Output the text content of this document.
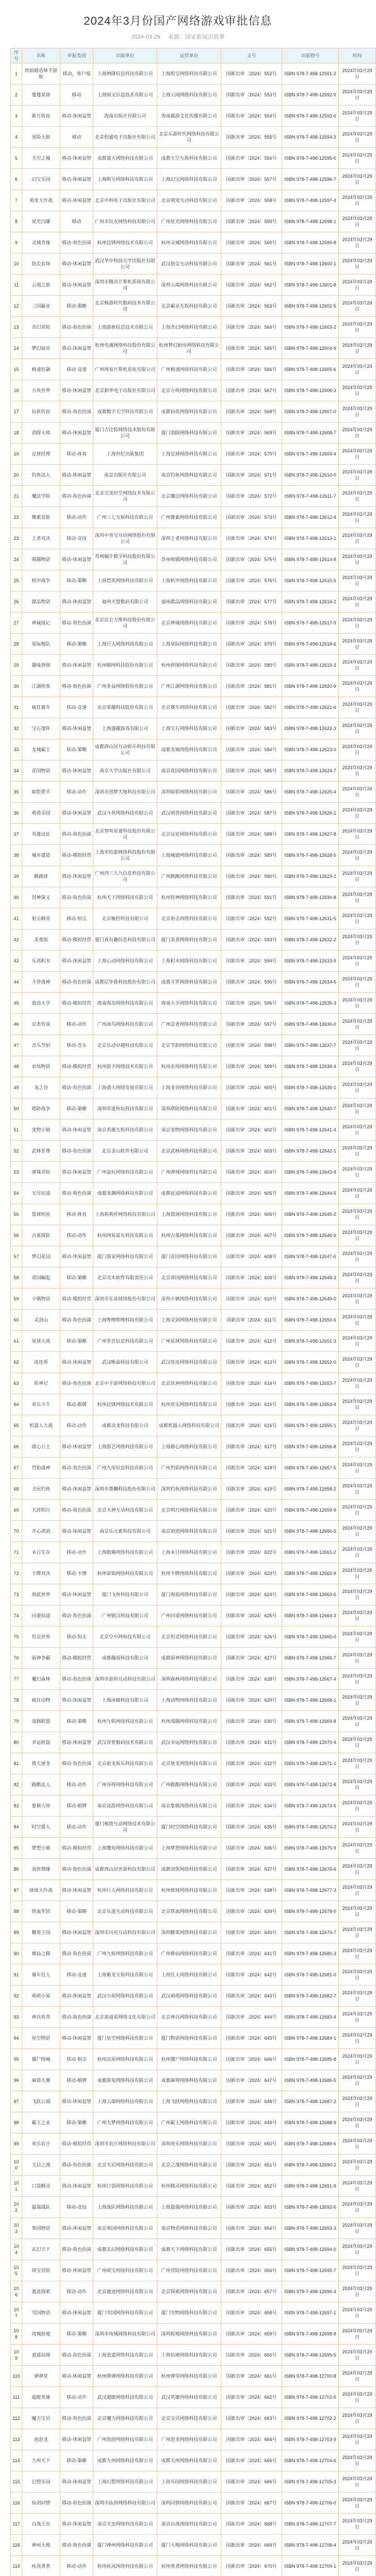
2024年3月份国产网络游戏审批信息
2024-03-29 来源：国家新闻出版署
序号	名称	申报类别	出版单位	运营单位	文号	出版物号	时间
1	炽焰锻造师手游版	移动，客户端	上海纳隆信息科技有限公司	上海熙呈网络科技有限公司	国新出审〔2024〕552号	ISBN 978-7-498-12591-2	2024年03月29日
2	蔓蔓星球	移动	上海阅文信息技术有限公司	上海云阅网络科技有限公司	国新出审〔2024〕553号	ISBN 978-7-498-12592-9	2024年03月29日
3	新月传说	移动-休闲益智	海南出版社有限公司	海南翼游文化传媒有限公司	国新出审〔2024〕554号	ISBN 978-7-498-12593-6	2024年03月29日
4	冒险大航	移动	北京伯通电子出版社有限公司	北京乐游时代网络科技有限公司	国新出审〔2024〕555号	ISBN 978-7-498-12594-3	2024年03月29日
5	天空之城	移动-休闲益智	成都盛大网络科技有限公司	成都天空互娱科技有限公司	国新出审〔2024〕556号	ISBN 978-7-498-12595-0	2024年03月29日
6	幻宝乐园	移动-休闲益智	上海熙呈网络科技有限公司	上海幻宝网络科技有限公司	国新出审〔2024〕557号	ISBN 978-7-498-12596-7	2024年03月29日
7	萌宠大作战	移动-休闲益智	北京中科电子出版社有限公司	北京萌宠互动科技有限公司	国新出审〔2024〕558号	ISBN 978-7-498-12597-4	2024年03月29日
8	星光闪耀	移动	广州市玩友网络科技有限公司	广州星光网络科技有限公司	国新出审〔2024〕559号	ISBN 978-7-498-12598-1	2024年03月29日
9	灵域奇缘	移动-角色扮演	杭州边锋网络技术有限公司	杭州灵域网络科技有限公司	国新出审〔2024〕560号	ISBN 978-7-498-12599-8	2024年03月29日
10	指尖农场	移动-休闲益智	武汉华中科技大学出版社有限公司	武汉指尖互动科技有限公司	国新出审〔2024〕561号	ISBN 978-7-498-12600-1	2024年03月29日
11	云端之旅	移动-休闲益智	深圳市腾讯计算机系统有限公司	深圳云端网络科技有限公司	国新出审〔2024〕562号	ISBN 978-7-498-12601-8	2024年03月29日
12	三国霸业	移动-策略	北京畅游时代数码技术有限公司	北京霸业互娱科技有限公司	国新出审〔2024〕563号	ISBN 978-7-498-12602-5	2024年03月29日
13	奇幻冒险	移动-角色扮演	上海游族信息技术有限公司	上海奇幻网络科技有限公司	国新出审〔2024〕564号	ISBN 978-7-498-12603-2	2024年03月29日
14	梦幻厨房	移动-休闲益智	杭州电魂网络科技股份有限公司	杭州梦幻厨房网络科技有限公司	国新出审〔2024〕565号	ISBN 978-7-498-12604-9	2024年03月29日
15	极速狂飙	移动-竞速	广州网易计算机系统有限公司	广州极速网络科技有限公司	国新出审〔2024〕566号	ISBN 978-7-498-12605-6	2024年03月29日
16	方块世界	移动-休闲益智	北京新华电子出版社有限公司	北京方块网络科技有限公司	国新出审〔2024〕567号	ISBN 978-7-498-12606-3	2024年03月29日
17	仙侠传说	移动-角色扮演	成都数字天空科技有限公司	成都仙侠网络科技有限公司	国新出审〔2024〕568号	ISBN 978-7-498-12607-0	2024年03月29日
18	消除大师	移动-休闲益智	厦门吉比特网络技术股份有限公司	厦门消除网络科技有限公司	国新出审〔2024〕569号	ISBN 978-7-498-12608-7	2024年03月29日
19	足球经理	移动-体育	上海世纪出版集团	上海足球网络科技有限公司	国新出审〔2024〕570号	ISBN 978-7-498-12609-4	2024年03月29日
20	钓鱼达人	移动-休闲益智	南京出版社有限公司	南京钓鱼网络科技有限公司	国新出审〔2024〕571号	ISBN 978-7-498-12610-0	2024年03月29日
21	魔法学院	移动-角色扮演	北京完美时空网络技术有限公司	北京魔法网络科技有限公司	国新出审〔2024〕572号	ISBN 978-7-498-12611-7	2024年03月29日
22	像素冒险	移动-动作	广州三七互娱科技有限公司	广州像素网络科技有限公司	国新出审〔2024〕573号	ISBN 978-7-498-12612-4	2024年03月29日
23	王者对决	移动-竞技	深圳中青宝互动网络股份有限公司	深圳王者网络科技有限公司	国新出审〔2024〕574号	ISBN 978-7-498-12613-1	2024年03月29日
24	萌猫物语	移动-休闲益智	苏州蜗牛数字科技股份有限公司	苏州萌猫网络科技有限公司	国新出审〔2024〕575号	ISBN 978-7-498-12614-8	2024年03月29日
25	机甲战争	移动-策略	上海恺英网络科技有限公司	上海机甲网络科技有限公司	国新出审〔2024〕576号	ISBN 978-7-498-12615-5	2024年03月29日
26	甜品物语	移动-休闲益智	福州天盟数码有限公司	福州甜品网络科技有限公司	国新出审〔2024〕577号	ISBN 978-7-498-12616-2	2024年03月29日
27	神域战记	移动-角色扮演	北京昆仑万维科技股份有限公司	北京神域网络科技有限公司	国新出审〔2024〕578号	ISBN 978-7-498-12617-9	2024年03月29日
28	星际舰队	移动-策略	上海巨人网络科技有限公司	上海星际网络科技有限公司	国新出审〔2024〕579号	ISBN 978-7-498-12618-6	2024年03月29日
29	趣味拼图	移动-休闲益智	杭州顺网科技股份有限公司	杭州拼图网络科技有限公司	国新出审〔2024〕580号	ISBN 978-7-498-12619-3	2024年03月29日
30	江湖侠客	移动-角色扮演	广州多益网络股份有限公司	广州江湖网络科技有限公司	国新出审〔2024〕581号	ISBN 978-7-498-12620-9	2024年03月29日
31	疯狂赛车	移动-竞速	北京掌趣科技股份有限公司	北京赛车网络科技有限公司	国新出审〔2024〕582号	ISBN 978-7-498-12621-6	2024年03月29日
32	宝石迷阵	移动-休闲益智	上海盛趣游戏有限公司	上海宝石网络科技有限公司	国新出审〔2024〕583号	ISBN 978-7-498-12622-3	2024年03月29日
33	龙城霸主	移动-策略	成都西山居互动娱乐科技有限公司	成都龙城网络科技有限公司	国新出审〔2024〕584号	ISBN 978-7-498-12623-0	2024年03月29日
34	花园物语	移动-休闲益智	南京大学出版社有限公司	南京花园网络科技有限公司	国新出审〔2024〕585号	ISBN 978-7-498-12624-7	2024年03月29日
35	暗影猎手	移动-动作	深圳市创梦天地科技有限公司	深圳暗影网络科技有限公司	国新出审〔2024〕586号	ISBN 978-7-498-12625-4	2024年03月29日
36	萌兽乐园	移动-休闲益智	武汉斗鱼网络科技有限公司	武汉萌兽网络科技有限公司	国新出审〔2024〕587号	ISBN 978-7-498-12626-1	2024年03月29日
37	英雄远征	移动-角色扮演	北京智明星通科技股份有限公司	北京远征网络科技有限公司	国新出审〔2024〕588号	ISBN 978-7-498-12627-8	2024年03月29日
38	城市建造	移动-模拟经营	上海米哈游网络科技股份有限公司	上海城建网络科技有限公司	国新出审〔2024〕589号	ISBN 978-7-498-12628-5	2024年03月29日
39	跳跳球	移动-休闲益智	广州四三九九信息科技有限公司	广州跳跳网络科技有限公司	国新出审〔2024〕590号	ISBN 978-7-498-12629-2	2024年03月29日
40	封神演义	移动-角色扮演	杭州天下网络科技有限公司	杭州封神网络科技有限公司	国新出审〔2024〕591号	ISBN 978-7-498-12630-8	2024年03月29日
41	射击精英	移动-射击	北京触控科技有限公司	北京射击网络科技有限公司	国新出审〔2024〕592号	ISBN 978-7-498-12631-5	2024年03月29日
42	美食街	移动-模拟经营	厦门真有趣信息科技有限公司	厦门美食网络科技有限公司	国新出审〔2024〕593号	ISBN 978-7-498-12632-2	2024年03月29日
43	乐高积木	移动-休闲益智	上海心动网络科技有限公司	上海积木网络科技有限公司	国新出审〔2024〕594号	ISBN 978-7-498-12633-9	2024年03月29日
44	斗罗战神	移动-角色扮演	成都尼毕鲁科技股份有限公司	成都斗罗网络科技有限公司	国新出审〔2024〕595号	ISBN 978-7-498-12634-6	2024年03月29日
45	海岛大亨	移动-模拟经营	海南海岛网络科技有限公司	海南大亨网络科技有限公司	国新出审〔2024〕596号	ISBN 978-7-498-12635-3	2024年03月29日
46	忍者传说	移动-动作	广州冰鸟网络科技有限公司	广州忍者网络科技有限公司	国新出审〔2024〕597号	ISBN 978-7-498-12636-0	2024年03月29日
47	音乐节拍	移动-音乐	北京乐动卓越科技有限公司	北京节拍网络科技有限公司	国新出审〔2024〕598号	ISBN 978-7-498-12637-7	2024年03月29日
48	农场物语	移动-模拟经营	杭州游卡网络技术有限公司	杭州农场网络科技有限公司	国新出审〔2024〕599号	ISBN 978-7-498-12638-4	2024年03月29日
49	龙之谷	移动-角色扮演	上海盛大网络发展有限公司	上海龙谷网络科技有限公司	国新出审〔2024〕600号	ISBN 978-7-498-12639-1	2024年03月29日
50	塔防战争	移动-策略	深圳市迷你玩科技有限公司	深圳塔防网络科技有限公司	国新出审〔2024〕601号	ISBN 978-7-498-12640-7	2024年03月29日
51	宠物小镇	移动-休闲益智	南京英雄互娱科技有限公司	南京宠物网络科技有限公司	国新出审〔2024〕602号	ISBN 978-7-498-12641-4	2024年03月29日
52	武林至尊	移动-角色扮演	北京金山软件有限公司	北京武林网络科技有限公司	国新出审〔2024〕603号	ISBN 978-7-498-12642-1	2024年03月29日
53	弹珠冒险	移动-休闲益智	广州益玩网络科技有限公司	广州弹珠网络科技有限公司	国新出审〔2024〕604号	ISBN 978-7-498-12643-8	2024年03月29日
54	无尽征途	移动-角色扮演	成都龙渊网络科技有限公司	成都征途网络科技有限公司	国新出审〔2024〕605号	ISBN 978-7-498-12644-5	2024年03月29日
55	篮球明星	移动-体育	上海莉莉丝网络科技有限公司	上海篮球网络科技有限公司	国新出审〔2024〕606号	ISBN 978-7-498-12645-2	2024年03月29日
56	古墓探险	移动-动作	杭州网易雷火科技有限公司	杭州古墓网络科技有限公司	国新出审〔2024〕607号	ISBN 978-7-498-12646-9	2024年03月29日
57	梦幻花园	移动-休闲益智	厦门游家网络科技有限公司	厦门花园网络科技有限公司	国新出审〔2024〕608号	ISBN 978-7-498-12647-6	2024年03月29日
58	帝国崛起	移动-策略	北京壳木软件有限责任公司	北京帝国网络科技有限公司	国新出审〔2024〕609号	ISBN 978-7-498-12648-3	2024年03月29日
59	小镇物语	移动-模拟经营	深圳市乐易网络股份有限公司	深圳小镇网络科技有限公司	国新出审〔2024〕610号	ISBN 978-7-498-12649-0	2024年03月29日
60	灵剑山	移动-角色扮演	上海哔哩哔哩科技有限公司	上海灵剑网络科技有限公司	国新出审〔2024〕611号	ISBN 978-7-498-12650-6	2024年03月29日
61	星球大战	移动-策略	广州菲音信息科技有限公司	广州星球网络科技有限公司	国新出审〔2024〕612号	ISBN 978-7-498-12651-3	2024年03月29日
62	连连看	移动-休闲益智	武汉唯晶科技有限公司	武汉连连网络科技有限公司	国新出审〔2024〕613号	ISBN 978-7-498-12652-0	2024年03月29日
63	妖神记	移动-角色扮演	北京中手游网络科技有限公司	北京妖神网络科技有限公司	国新出审〔2024〕614号	ISBN 978-7-498-12653-7	2024年03月29日
64	欢乐斗牛	移动-棋牌	杭州边锋网络技术有限公司	杭州欢乐网络科技有限公司	国新出审〔2024〕615号	ISBN 978-7-498-12654-4	2024年03月29日
65	机器人大战	移动-动作	成都炎龙科技有限公司	成都机器人网络科技有限公司	国新出审〔2024〕616号	ISBN 978-7-498-12655-1	2024年03月29日
66	甜心公主	移动-休闲益智	上海游艺网络科技有限公司	上海甜心网络科技有限公司	国新出审〔2024〕617号	ISBN 978-7-498-12656-8	2024年03月29日
67	烈焰战神	移动-角色扮演	广州九尾信息科技有限公司	广州烈焰网络科技有限公司	国新出审〔2024〕618号	ISBN 978-7-498-12657-5	2024年03月29日
68	全民钓鱼	移动-休闲益智	深圳市墨麟科技股份有限公司	深圳钓鱼网络科技有限公司	国新出审〔2024〕619号	ISBN 978-7-498-12658-2	2024年03月29日
69	天涯明月	移动-角色扮演	北京天神互动科技有限公司	北京明月网络科技有限公司	国新出审〔2024〕620号	ISBN 978-7-498-12659-9	2024年03月29日
70	开心消消	移动-休闲益智	南京乐元素科技有限公司	南京消消网络科技有限公司	国新出审〔2024〕621号	ISBN 978-7-498-12660-5	2024年03月29日
71	末日生存	移动-动作	上海散爆网络科技有限公司	上海末日网络科技有限公司	国新出审〔2024〕622号	ISBN 978-7-498-12661-2	2024年03月29日
72	卡牌对决	移动-卡牌	杭州雷焰网络科技有限公司	杭州卡牌网络科技有限公司	国新出审〔2024〕623号	ISBN 978-7-498-12662-9	2024年03月29日
73	海底世界	移动-休闲益智	厦门飞鱼科技有限公司	厦门海底网络科技有限公司	国新出审〔2024〕624号	ISBN 978-7-498-12663-6	2024年03月29日
74	问道仙途	移动-角色扮演	广州银汉科技有限公司	广州问道网络科技有限公司	国新出审〔2024〕625号	ISBN 978-7-498-12664-3	2024年03月29日
75	坦克世界	移动-射击	北京空中网科技有限公司	北京坦克网络科技有限公司	国新出审〔2024〕626号	ISBN 978-7-498-12665-0	2024年03月29日
76	厨神争霸	移动-模拟经营	成都趣游科技有限公司	成都厨神网络科技有限公司	国新出审〔2024〕627号	ISBN 978-7-498-12666-7	2024年03月29日
77	魔幻森林	移动-角色扮演	深圳市游科互动科技有限公司	深圳森林网络科技有限公司	国新出审〔2024〕628号	ISBN 978-7-498-12667-4	2024年03月29日
78	疯狂动物	移动-休闲益智	上海沐瞳科技有限公司	上海动物网络科技有限公司	国新出审〔2024〕629号	ISBN 978-7-498-12668-1	2024年03月29日
79	战舰联盟	移动-策略	杭州九娱网络科技有限公司	杭州战舰网络科技有限公司	国新出审〔2024〕630号	ISBN 978-7-498-12669-8	2024年03月29日
80	幸运转盘	移动-休闲益智	武汉青瓷数码技术有限公司	武汉幸运网络科技有限公司	国新出审〔2024〕631号	ISBN 978-7-498-12670-4	2024年03月29日
81	倚天屠龙	移动-角色扮演	北京祖龙娱乐科技有限公司	北京屠龙网络科技有限公司	国新出审〔2024〕632号	ISBN 978-7-498-12671-1	2024年03月29日
82	跑酷达人	移动-动作	广州谷得网络科技有限公司	广州跑酷网络科技有限公司	国新出审〔2024〕633号	ISBN 978-7-498-12672-8	2024年03月29日
83	象棋大师	移动-棋牌	南京途游网络科技有限公司	南京象棋网络科技有限公司	国新出审〔2024〕634号	ISBN 978-7-498-12673-5	2024年03月29日
84	时空猎人	移动-动作	厦门极致互动网络技术有限公司	厦门时空网络科技有限公司	国新出审〔2024〕635号	ISBN 978-7-498-12674-2	2024年03月29日
85	梦想小镇	移动-模拟经营	上海鹰角网络科技有限公司	上海梦想网络科技有限公司	国新出审〔2024〕636号	ISBN 978-7-498-12675-9	2024年03月29日
86	剑侠情缘	移动-角色扮演	成都西山居世游科技有限公司	成都剑侠网络科技有限公司	国新出审〔2024〕637号	ISBN 978-7-498-12676-6	2024年03月29日
87	球球大作战	移动-休闲益智	杭州巨人网络科技有限公司	杭州球球网络科技有限公司	国新出审〔2024〕638号	ISBN 978-7-498-12677-3	2024年03月29日
88	铁血军团	移动-策略	北京乐道互动科技有限公司	北京铁血网络科技有限公司	国新出审〔2024〕639号	ISBN 978-7-498-12678-0	2024年03月29日
89	糖果王国	移动-休闲益智	深圳市闪电互动科技有限公司	深圳糖果网络科技有限公司	国新出审〔2024〕640号	ISBN 978-7-498-12679-7	2024年03月29日
90	修仙之路	移动-角色扮演	广州九娱网络科技有限公司	广州修仙网络科技有限公司	国新出审〔2024〕641号	ISBN 978-7-498-12680-3	2024年03月29日
91	赛车狂人	移动-竞速	上海紫龙互娱科技有限公司	上海狂人网络科技有限公司	国新出审〔2024〕642号	ISBN 978-7-498-12681-0	2024年03月29日
92	萌萌小屋	移动-休闲益智	武汉小屋网络科技有限公司	武汉萌萌网络科技有限公司	国新出审〔2024〕643号	ISBN 978-7-498-12682-7	2024年03月29日
93	神兵传奇	移动-角色扮演	北京游道易网络文化有限公司	北京神兵网络科技有限公司	国新出审〔2024〕644号	ISBN 978-7-498-12683-4	2024年03月29日
94	星空物语	移动-休闲益智	厦门星空网络科技有限公司	厦门物语网络科技有限公司	国新出审〔2024〕645号	ISBN 978-7-498-12684-1	2024年03月29日
95	僵尸围城	移动-射击	杭州凉屋网络科技有限公司	杭州僵尸网络科技有限公司	国新出审〔2024〕646号	ISBN 978-7-498-12685-8	2024年03月29日
96	麻将大赛	移动-棋牌	成都游兔网络科技有限公司	成都麻将网络科技有限公司	国新出审〔2024〕647号	ISBN 978-7-498-12686-5	2024年03月29日
97	飞跃云端	移动-休闲益智	上海云端网络科技有限公司	上海飞跃网络科技有限公司	国新出审〔2024〕648号	ISBN 978-7-498-12687-2	2024年03月29日
98	霸王之业	移动-策略	广州大梦网络科技有限公司	广州霸王网络科技有限公司	国新出审〔2024〕649号	ISBN 978-7-498-12688-9	2024年03月29日
99	欢乐农庄	移动-模拟经营	深圳市农庄网络科技有限公司	深圳欢乐网络科技有限公司	国新出审〔2024〕650号	ISBN 978-7-498-12689-6	2024年03月29日
100	天启之战	移动-角色扮演	北京天启网络科技有限公司	北京之战网络科技有限公司	国新出审〔2024〕651号	ISBN 978-7-498-12690-2	2024年03月29日
101	口袋精灵	移动-休闲益智	杭州口袋网络科技有限公司	杭州精灵网络科技有限公司	国新出审〔2024〕652号	ISBN 978-7-498-12691-9	2024年03月29日
102	最强战队	移动-竞技	上海战队网络科技有限公司	上海最强网络科技有限公司	国新出审〔2024〕653号	ISBN 978-7-498-12692-6	2024年03月29日
103	果园物语	移动-休闲益智	南京果园网络科技有限公司	南京物语网络科技有限公司	国新出审〔2024〕654号	ISBN 978-7-498-12693-3	2024年03月29日
104	玄幻天下	移动-角色扮演	成都玄幻网络科技有限公司	成都天下网络科技有限公司	国新出审〔2024〕655号	ISBN 978-7-498-12694-0	2024年03月29日
105	萌宝冒险	移动-休闲益智	广州萌宝网络科技有限公司	广州冒险网络科技有限公司	国新出审〔2024〕656号	ISBN 978-7-498-12695-7	2024年03月29日
106	遗迹探索	移动-动作	北京遗迹网络科技有限公司	北京探索网络科技有限公司	国新出审〔2024〕657号	ISBN 978-7-498-12696-4	2024年03月29日
107	雪国物语	移动-休闲益智	厦门雪国网络科技有限公司	厦门雪物网络科技有限公司	国新出审〔2024〕658号	ISBN 978-7-498-12697-1	2024年03月29日
108	攻城掠地	移动-策略	深圳市攻城网络科技有限公司	深圳掠地网络科技有限公司	国新出审〔2024〕659号	ISBN 978-7-498-12698-8	2024年03月29日
109	逍遥仙境	移动-角色扮演	上海逍遥网络科技有限公司	上海仙境网络科技有限公司	国新出审〔2024〕660号	ISBN 978-7-498-12699-5	2024年03月29日
110	弹弹堂	移动-休闲益智	杭州弹弹网络科技有限公司	杭州弹堂网络科技有限公司	国新出审〔2024〕661号	ISBN 978-7-498-12700-8	2024年03月29日
111	超能英雄	移动-动作	武汉超能网络科技有限公司	武汉英雄网络科技有限公司	国新出审〔2024〕662号	ISBN 978-7-498-12701-5	2024年03月29日
112	魔力宝贝	移动-角色扮演	北京魔力网络科技有限公司	北京宝贝网络科技有限公司	国新出审〔2024〕663号	ISBN 978-7-498-12702-2	2024年03月29日
113	泡泡龙	移动-休闲益智	广州泡泡网络科技有限公司	广州泡龙网络科技有限公司	国新出审〔2024〕664号	ISBN 978-7-498-12703-9	2024年03月29日
114	九州天下	移动-策略	成都九州网络科技有限公司	成都天州网络科技有限公司	国新出审〔2024〕665号	ISBN 978-7-498-12704-6	2024年03月29日
115	幻想乐园	移动-休闲益智	上海幻想网络科技有限公司	上海乐园网络科技有限公司	国新出审〔2024〕666号	ISBN 978-7-498-12705-3	2024年03月29日
116	仙剑问情	移动-角色扮演	深圳市仙剑网络科技有限公司	深圳问情网络科技有限公司	国新出审〔2024〕667号	ISBN 978-7-498-12706-0	2024年03月29日
117	百战天虫	移动-休闲益智	南京天虫网络科技有限公司	南京百战网络科技有限公司	国新出审〔2024〕668号	ISBN 978-7-498-12707-7	2024年03月29日
118	神州大地	移动-角色扮演	厦门神州网络科技有限公司	厦门大地网络科技有限公司	国新出审〔2024〕669号	ISBN 978-7-498-12708-4	2024年03月29日
119	疾风勇者	移动-动作	杭州疾风网络科技有限公司	杭州勇者网络科技有限公司	国新出审〔2024〕670号	ISBN 978-7-498-12709-1	2024年03月29日
